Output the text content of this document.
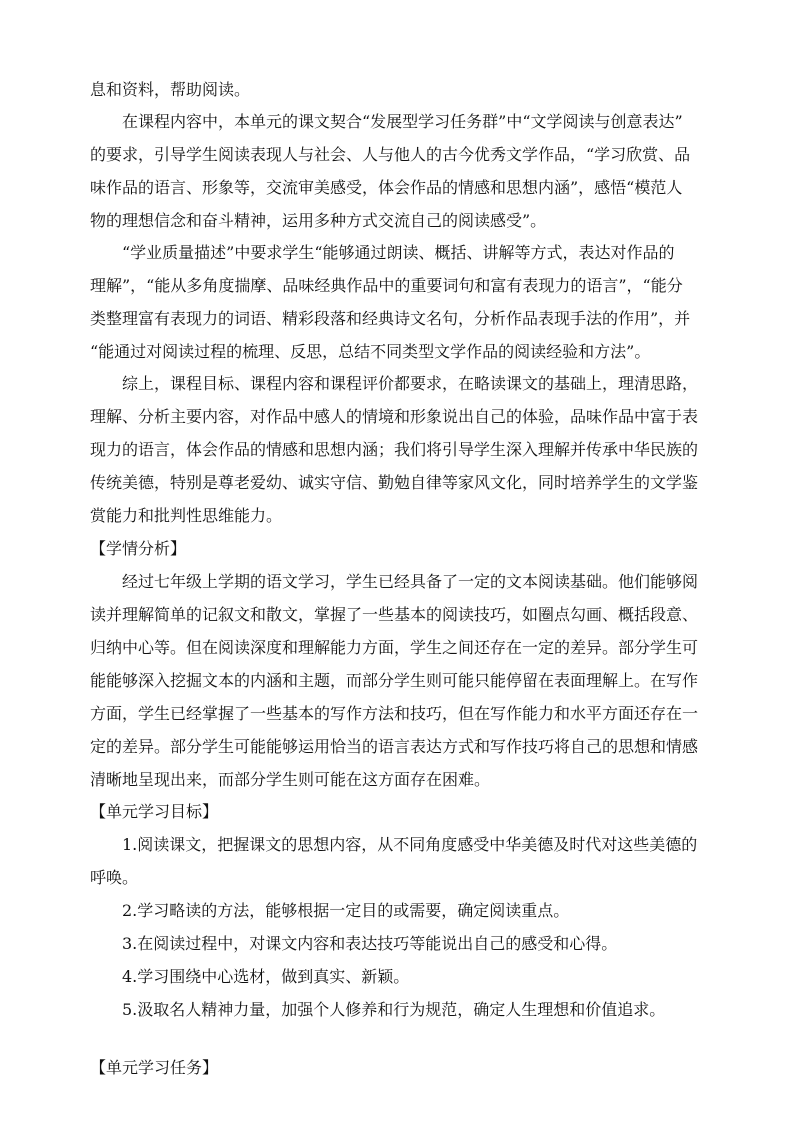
息和资料，帮助阅读。
在课程内容中，本单元的课文契合“发展型学习任务群”中“文学阅读与创意表达”
的要求，引导学生阅读表现人与社会、人与他人的古今优秀文学作品，“学习欣赏、品
味作品的语言、形象等，交流审美感受，体会作品的情感和思想内涵”，感悟“模范人
物的理想信念和奋斗精神，运用多种方式交流自己的阅读感受”。
“学业质量描述”中要求学生“能够通过朗读、概括、讲解等方式，表达对作品的
理解”，“能从多角度揣摩、品味经典作品中的重要词句和富有表现力的语言”，“能分
类整理富有表现力的词语、精彩段落和经典诗文名句，分析作品表现手法的作用”，并
“能通过对阅读过程的梳理、反思，总结不同类型文学作品的阅读经验和方法”。
综上，课程目标、课程内容和课程评价都要求，在略读课文的基础上，理清思路，
理解、分析主要内容，对作品中感人的情境和形象说出自己的体验，品味作品中富于表
现力的语言，体会作品的情感和思想内涵；我们将引导学生深入理解并传承中华民族的
传统美德，特别是尊老爱幼、诚实守信、勤勉自律等家风文化，同时培养学生的文学鉴
赏能力和批判性思维能力。
【学情分析】
经过七年级上学期的语文学习，学生已经具备了一定的文本阅读基础。他们能够阅
读并理解简单的记叙文和散文，掌握了一些基本的阅读技巧，如圈点勾画、概括段意、
归纳中心等。但在阅读深度和理解能力方面，学生之间还存在一定的差异。部分学生可
能能够深入挖掘文本的内涵和主题，而部分学生则可能只能停留在表面理解上。在写作
方面，学生已经掌握了一些基本的写作方法和技巧，但在写作能力和水平方面还存在一
定的差异。部分学生可能能够运用恰当的语言表达方式和写作技巧将自己的思想和情感
清晰地呈现出来，而部分学生则可能在这方面存在困难。
【单元学习目标】
1.阅读课文，把握课文的思想内容，从不同角度感受中华美德及时代对这些美德的
呼唤。
2.学习略读的方法，能够根据一定目的或需要，确定阅读重点。
3.在阅读过程中，对课文内容和表达技巧等能说出自己的感受和心得。
4.学习围绕中心选材，做到真实、新颖。
5.汲取名人精神力量，加强个人修养和行为规范，确定人生理想和价值追求。
【单元学习任务】
